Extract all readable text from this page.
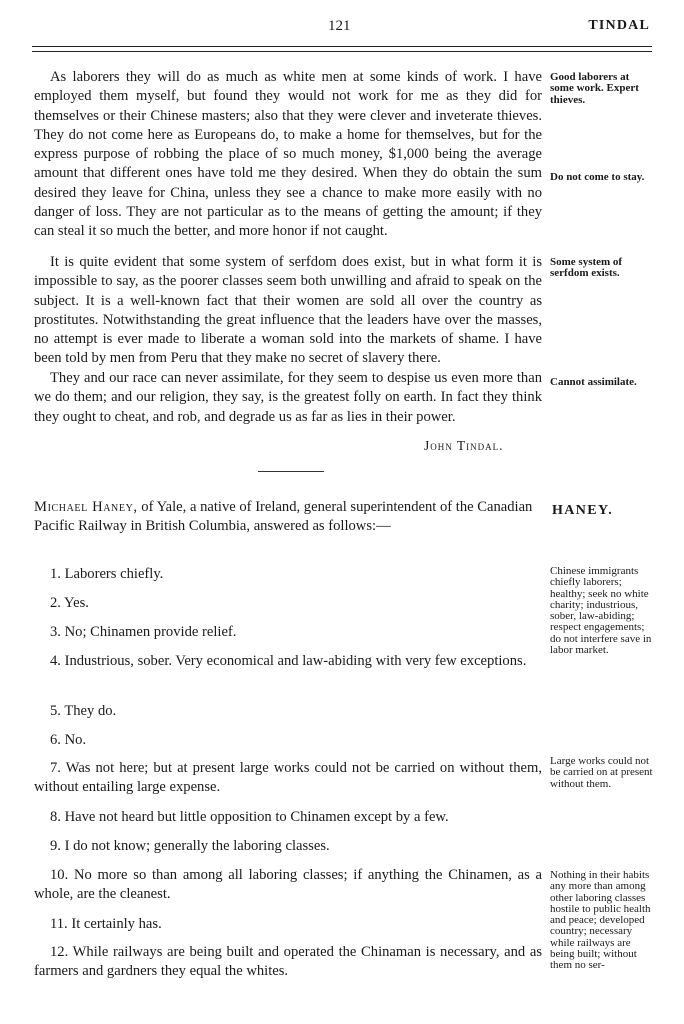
121	TINDAL

As laborers they will do as much as white men at some kinds of work. I have employed them myself, but found they would not work for me as they did for themselves or their Chinese masters; also that they were clever and inveterate thieves. They do not come here as Europeans do, to make a home for themselves, but for the express purpose of robbing the place of so much money, $1,000 being the average amount that different ones have told me they desired. When they do obtain the sum desired they leave for China, unless they see a chance to make more easily with no danger of loss. They are not particular as to the means of getting the amount; if they can steal it so much the better, and more honor if not caught.

It is quite evident that some system of serfdom does exist, but in what form it is impossible to say, as the poorer classes seem both unwilling and afraid to speak on the subject. It is a well-known fact that their women are sold all over the country as prostitutes. Notwithstanding the great influence that the leaders have over the masses, no attempt is ever made to liberate a woman sold into the markets of shame. I have been told by men from Peru that they make no secret of slavery there.

They and our race can never assimilate, for they seem to despise us even more than we do them; and our religion, they say, is the greatest folly on earth. In fact they think they ought to cheat, and rob, and degrade us as far as lies in their power.

Good laborers at some work. Expert thieves.
Do not come to stay.
Some system of serfdom exists.
Cannot assimilate.
John Tindal.
Michael Haney, of Yale, a native of Ireland, general superintendent of the Canadian Pacific Railway in British Columbia, answered as follows:—
HANEY.
1. Laborers chiefly.
2. Yes.
3. No; Chinamen provide relief.
4. Industrious, sober. Very economical and law-abiding with very few exceptions.
5. They do.
6. No.
7. Was not here; but at present large works could not be carried on without them, without entailing large expense.
8. Have not heard but little opposition to Chinamen except by a few.
9. I do not know; generally the laboring classes.
10. No more so than among all laboring classes; if anything the Chinamen, as a whole, are the cleanest.
11. It certainly has.
12. While railways are being built and operated the Chinaman is necessary, and as farmers and gardners they equal the whites.
Chinese immigrants chiefly laborers; healthy; seek no white charity; industrious, sober, law-abiding; respect engagements; do not interfere save in labor market.
Large works could not be carried on at present without them.
Nothing in their habits any more than among other laboring classes hostile to public health and peace; developed country; necessary while railways are being built; without them no ser-
